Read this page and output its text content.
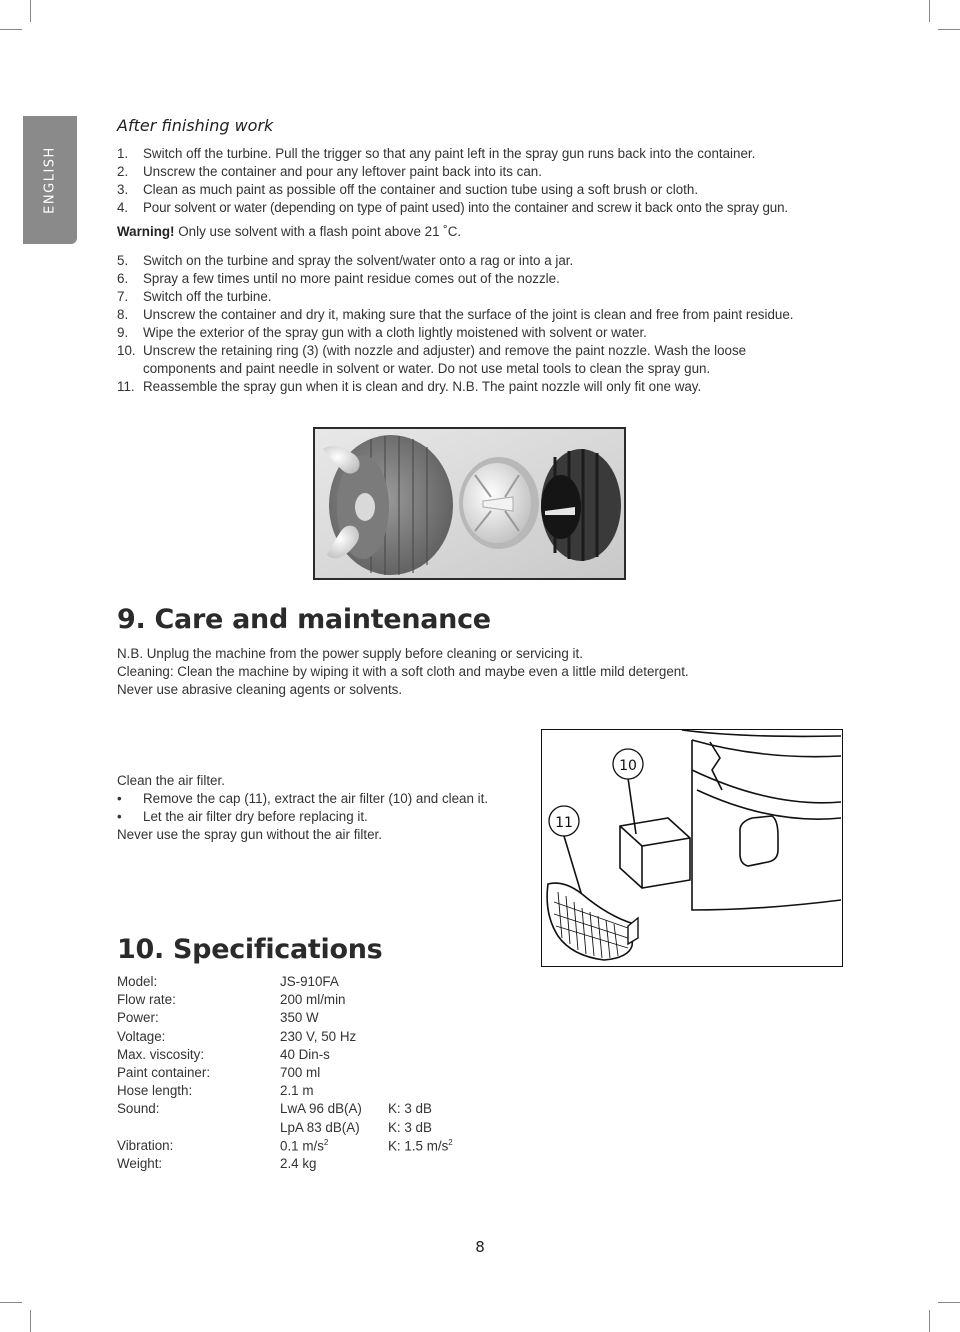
ENGLISH
After finishing work
1. Switch off the turbine. Pull the trigger so that any paint left in the spray gun runs back into the container.
2. Unscrew the container and pour any leftover paint back into its can.
3. Clean as much paint as possible off the container and suction tube using a soft brush or cloth.
4. Pour solvent or water (depending on type of paint used) into the container and screw it back onto the spray gun.
Warning! Only use solvent with a flash point above 21 ˚C.
5. Switch on the turbine and spray the solvent/water onto a rag or into a jar.
6. Spray a few times until no more paint residue comes out of the nozzle.
7. Switch off the turbine.
8. Unscrew the container and dry it, making sure that the surface of the joint is clean and free from paint residue.
9. Wipe the exterior of the spray gun with a cloth lightly moistened with solvent or water.
10. Unscrew the retaining ring (3) (with nozzle and adjuster) and remove the paint nozzle. Wash the loose components and paint needle in solvent or water. Do not use metal tools to clean the spray gun.
11. Reassemble the spray gun when it is clean and dry. N.B. The paint nozzle will only fit one way.
9. Care and maintenance
N.B. Unplug the machine from the power supply before cleaning or servicing it.
Cleaning: Clean the machine by wiping it with a soft cloth and maybe even a little mild detergent.
Never use abrasive cleaning agents or solvents.
Clean the air filter.
• Remove the cap (11), extract the air filter (10) and clean it.
• Let the air filter dry before replacing it.
Never use the spray gun without the air filter.
10
11
10. Specifications
Model:	JS-910FA	
Flow rate:	200 ml/min	
Power:	350 W	
Voltage:	230 V, 50 Hz	
Max. viscosity:	40 Din-s	
Paint container:	700 ml	
Hose length:	2.1 m	
Sound:	LwA 96 dB(A)	K: 3 dB
	LpA 83 dB(A)	K: 3 dB
Vibration:	0.1 $m/s^2$	K: 1.5 $m/s^2$
Weight:	2.4 kg	
8
